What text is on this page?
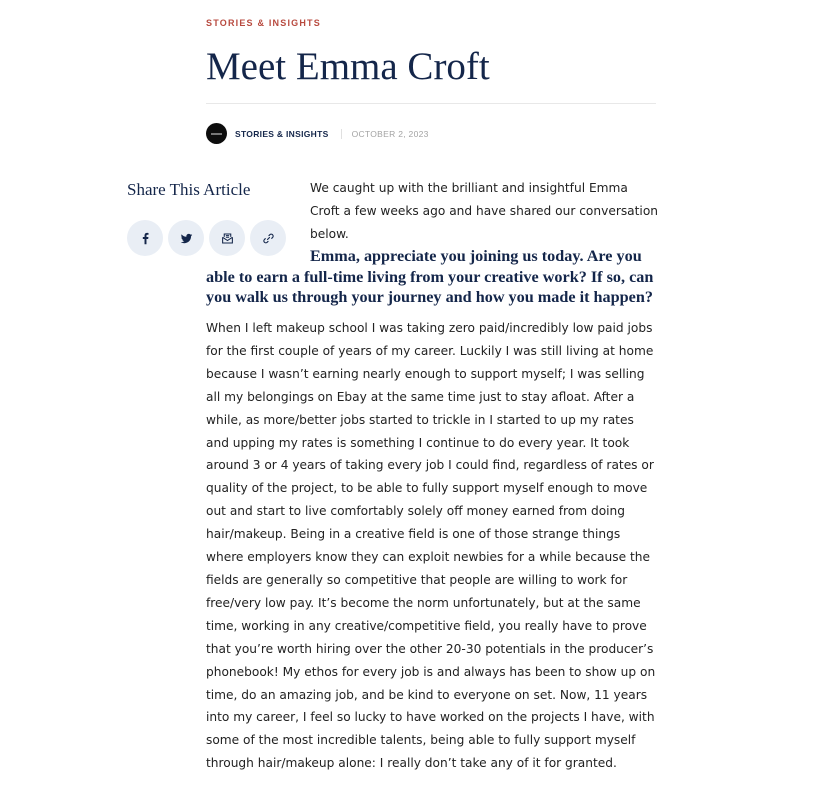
STORIES & INSIGHTS
Meet Emma Croft
STORIES & INSIGHTS	OCTOBER 2, 2023
Share This Article	We caught up with the brilliant and insightful Emma Croft a few weeks ago and have shared our conversation below.

Emma, appreciate you joining us today. Are you able to earn a full-time living from your creative work? If so, can you walk us through your journey and how you made it happen?

When I left makeup school I was taking zero paid/incredibly low paid jobs for the first couple of years of my career. Luckily I was still living at home because I wasn’t earning nearly enough to support myself; I was selling all my belongings on Ebay at the same time just to stay afloat. After a while, as more/better jobs started to trickle in I started to up my rates and upping my rates is something I continue to do every year. It took around 3 or 4 years of taking every job I could find, regardless of rates or quality of the project, to be able to fully support myself enough to move out and start to live comfortably solely off money earned from doing hair/makeup. Being in a creative field is one of those strange things where employers know they can exploit newbies for a while because the fields are generally so competitive that people are willing to work for free/very low pay. It’s become the norm unfortunately, but at the same time, working in any creative/competitive field, you really have to prove that you’re worth hiring over the other 20-30 potentials in the producer’s phonebook! My ethos for every job is and always has been to show up on time, do an amazing job, and be kind to everyone on set. Now, 11 years into my career, I feel so lucky to have worked on the projects I have, with some of the most incredible talents, being able to fully support myself through hair/makeup alone: I really don’t take any of it for granted.
